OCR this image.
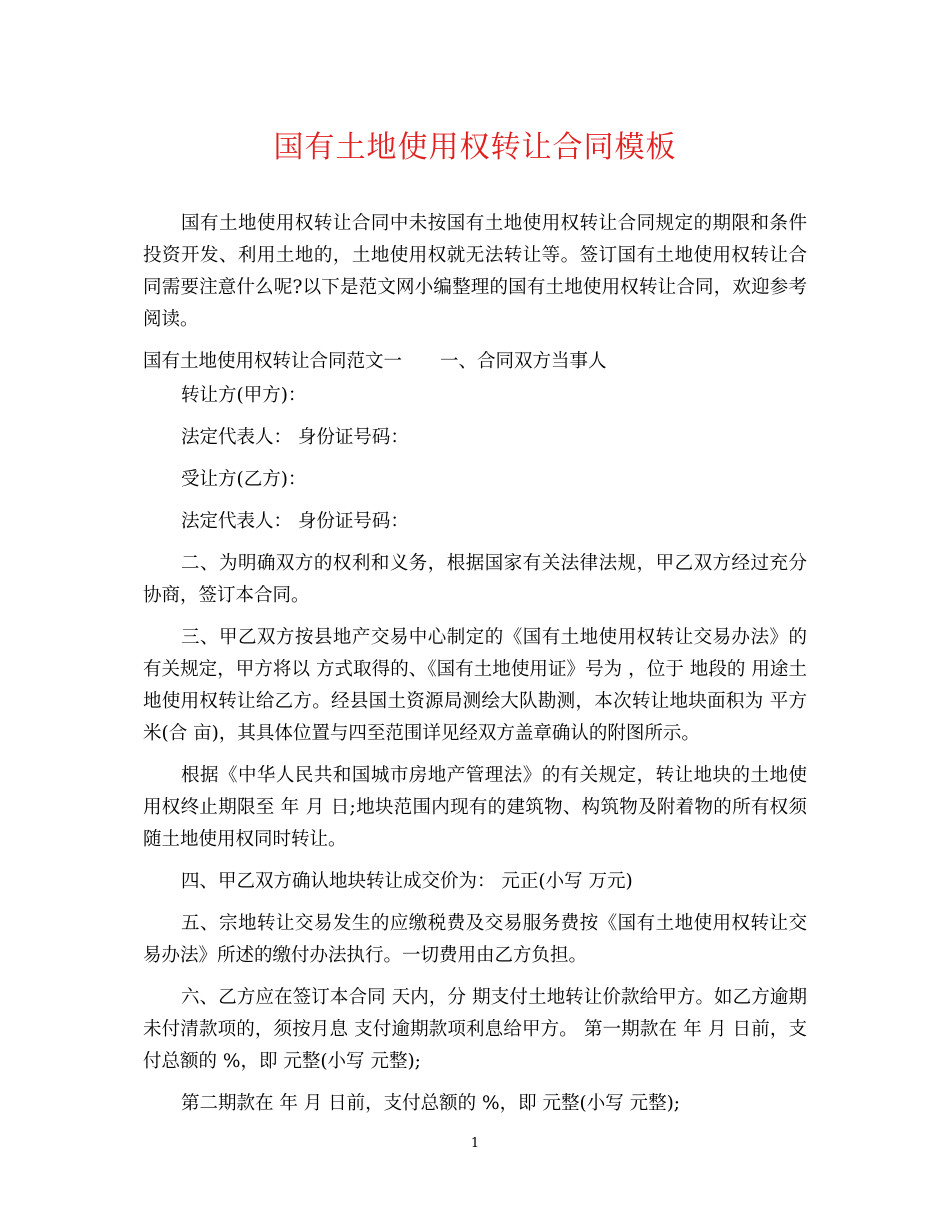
国有土地使用权转让合同模板

国有土地使用权转让合同中未按国有土地使用权转让合同规定的期限和条件投资开发、利用土地的，土地使用权就无法转让等。签订国有土地使用权转让合同需要注意什么呢?以下是范文网小编整理的国有土地使用权转让合同，欢迎参考阅读。

国有土地使用权转让合同范文一 一、合同双方当事人

转让方(甲方)：

法定代表人： 身份证号码：

受让方(乙方)：

法定代表人： 身份证号码：

二、为明确双方的权利和义务，根据国家有关法律法规，甲乙双方经过充分协商，签订本合同。

三、甲乙双方按县地产交易中心制定的《国有土地使用权转让交易办法》的有关规定，甲方将以 方式取得的、《国有土地使用证》号为 ，位于 地段的 用途土地使用权转让给乙方。经县国土资源局测绘大队勘测，本次转让地块面积为 平方米(合 亩)，其具体位置与四至范围详见经双方盖章确认的附图所示。

根据《中华人民共和国城市房地产管理法》的有关规定，转让地块的土地使用权终止期限至 年 月 日;地块范围内现有的建筑物、构筑物及附着物的所有权须随土地使用权同时转让。

四、甲乙双方确认地块转让成交价为： 元正(小写 万元)

五、宗地转让交易发生的应缴税费及交易服务费按《国有土地使用权转让交易办法》所述的缴付办法执行。一切费用由乙方负担。

六、乙方应在签订本合同 天内，分 期支付土地转让价款给甲方。如乙方逾期未付清款项的，须按月息 支付逾期款项利息给甲方。 第一期款在 年 月 日前，支付总额的 %，即 元整(小写 元整);

第二期款在 年 月 日前，支付总额的 %，即 元整(小写 元整);

1
